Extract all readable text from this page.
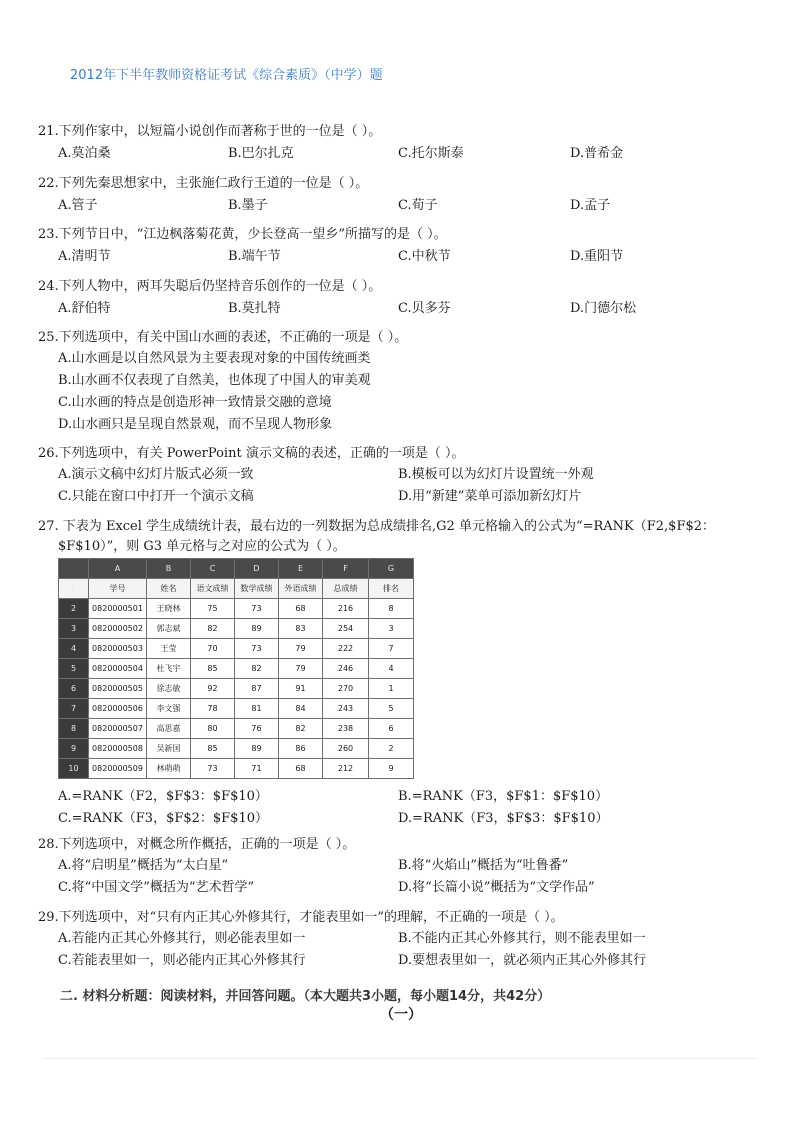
2012年下半年教师资格证考试《综合素质》（中学）题
21.下列作家中，以短篇小说创作而著称于世的一位是（ ）。
A.莫泊桑	B.巴尔扎克	C.托尔斯泰	D.普希金
22.下列先秦思想家中，主张施仁政行王道的一位是（ ）。
A.管子	B.墨子	C.荀子	D.孟子
23.下列节日中，“江边枫落菊花黄，少长登高一望乡”所描写的是（ ）。
A.清明节	B.端午节	C.中秋节	D.重阳节
24.下列人物中，两耳失聪后仍坚持音乐创作的一位是（ ）。
A.舒伯特	B.莫扎特	C.贝多芬	D.门德尔松
25.下列选项中，有关中国山水画的表述，不正确的一项是（ ）。
A.山水画是以自然风景为主要表现对象的中国传统画类
B.山水画不仅表现了自然美，也体现了中国人的审美观
C.山水画的特点是创造形神一致情景交融的意境
D.山水画只是呈现自然景观，而不呈现人物形象
26.下列选项中，有关 PowerPoint 演示文稿的表述，正确的一项是（ ）。
A.演示文稿中幻灯片版式必须一致	B.模板可以为幻灯片设置统一外观
C.只能在窗口中打开一个演示文稿	D.用“新建”菜单可添加新幻灯片
27. 下表为 Excel 学生成绩统计表，最右边的一列数据为总成绩排名,G2 单元格输入的公式为“=RANK（F2,$F$2：
$F$10）”，则 G3 单元格与之对应的公式为（ ）。
	A	B	C	D	E	F	G
1	学号	姓名	语文成绩	数学成绩	外语成绩	总成绩	排名
2	0820000501	王晓林	75	73	68	216	8
3	0820000502	郭志斌	82	89	83	254	3
4	0820000503	王莹	70	73	79	222	7
5	0820000504	杜飞宇	85	82	79	246	4
6	0820000505	徐志敏	92	87	91	270	1
7	0820000506	李文强	78	81	84	243	5
8	0820000507	高思嘉	80	76	82	238	6
9	0820000508	吴新国	85	89	86	260	2
10	0820000509	林萌萌	73	71	68	212	9
A.=RANK（F2，$F$3：$F$10）	B.=RANK（F3，$F$1：$F$10）
C.=RANK（F3，$F$2：$F$10）	D.=RANK（F3，$F$3：$F$10）
28.下列选项中，对概念所作概括，正确的一项是（ ）。
A.将“启明星”概括为“太白星”	B.将“火焰山”概括为“吐鲁番”
C.将“中国文学”概括为“艺术哲学”	D.将“长篇小说”概括为“文学作品”
29.下列选项中，对“只有内正其心外修其行，才能表里如一”的理解，不正确的一项是（ ）。
A.若能内正其心外修其行，则必能表里如一	B.不能内正其心外修其行，则不能表里如一
C.若能表里如一，则必能内正其心外修其行	D.要想表里如一，就必须内正其心外修其行
二. 材料分析题：阅读材料，并回答问题。（本大题共3小题，每小题14分，共42分）
（一）
